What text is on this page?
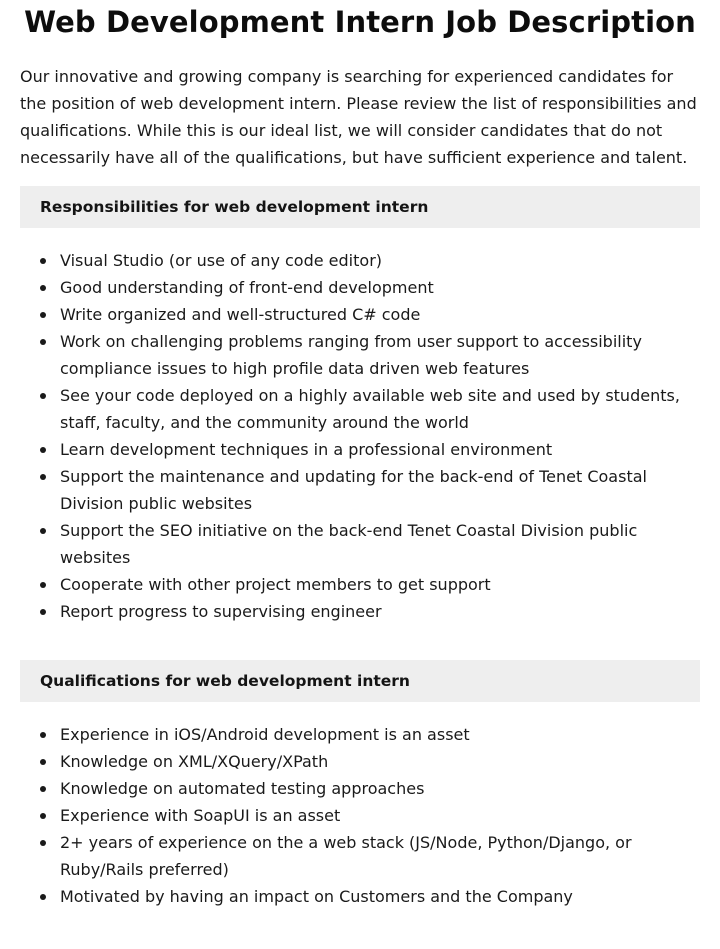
Web Development Intern Job Description

Our innovative and growing company is searching for experienced candidates for the position of web development intern. Please review the list of responsibilities and qualifications. While this is our ideal list, we will consider candidates that do not necessarily have all of the qualifications, but have sufficient experience and talent.

Responsibilities for web development intern
Visual Studio (or use of any code editor)
Good understanding of front-end development
Write organized and well-structured C# code
Work on challenging problems ranging from user support to accessibility compliance issues to high profile data driven web features
See your code deployed on a highly available web site and used by students, staff, faculty, and the community around the world
Learn development techniques in a professional environment
Support the maintenance and updating for the back-end of Tenet Coastal Division public websites
Support the SEO initiative on the back-end Tenet Coastal Division public websites
Cooperate with other project members to get support
Report progress to supervising engineer
Qualifications for web development intern
Experience in iOS/Android development is an asset
Knowledge on XML/XQuery/XPath
Knowledge on automated testing approaches
Experience with SoapUI is an asset
2+ years of experience on the a web stack (JS/Node, Python/Django, or Ruby/Rails preferred)
Motivated by having an impact on Customers and the Company
